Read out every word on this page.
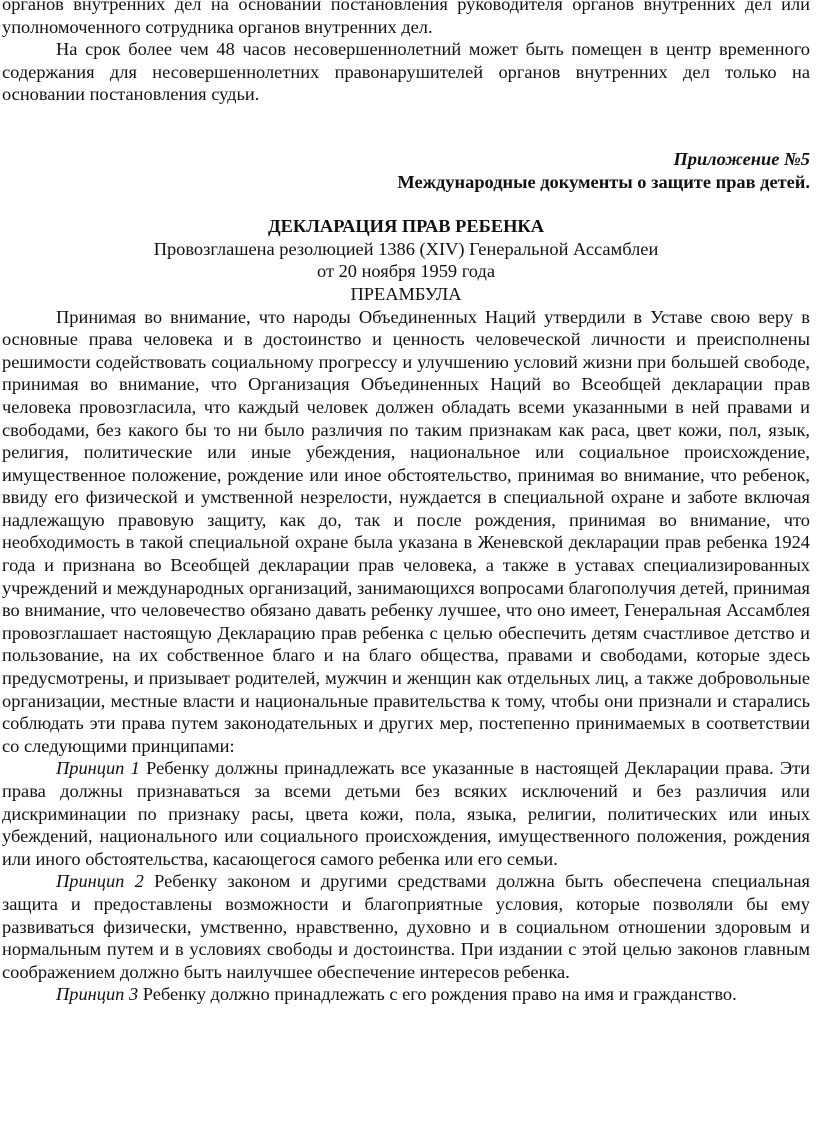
органов внутренних дел на основании постановления руководителя органов внутренних дел или уполномоченного сотрудника органов внутренних дел.

На срок более чем 48 часов несовершеннолетний может быть помещен в центр временного содержания для несовершеннолетних правонарушителей органов внутренних дел только на основании постановления судьи.

Приложение №5

Международные документы о защите прав детей.

ДЕКЛАРАЦИЯ ПРАВ РЕБЕНКА

Провозглашена резолюцией 1386 (XIV) Генеральной Ассамблеи

от 20 ноября 1959 года

ПРЕАМБУЛА

Принимая во внимание, что народы Объединенных Наций утвердили в Уставе свою веру в основные права человека и в достоинство и ценность человеческой личности и преисполнены решимости содействовать социальному прогрессу и улучшению условий жизни при большей свободе, принимая во внимание, что Организация Объединенных Наций во Всеобщей декларации прав человека провозгласила, что каждый человек должен обладать всеми указанными в ней правами и свободами, без какого бы то ни было различия по таким признакам как раса, цвет кожи, пол, язык, религия, политические или иные убеждения, национальное или социальное происхождение, имущественное положение, рождение или иное обстоятельство, принимая во внимание, что ребенок, ввиду его физической и умственной незрелости, нуждается в специальной охране и заботе включая надлежащую правовую защиту, как до, так и после рождения, принимая во внимание, что необходимость в такой специальной охране была указана в Женевской декларации прав ребенка 1924 года и признана во Всеобщей декларации прав человека, а также в уставах специализированных учреждений и международных организаций, занимающихся вопросами благополучия детей, принимая во внимание, что человечество обязано давать ребенку лучшее, что оно имеет, Генеральная Ассамблея провозглашает настоящую Декларацию прав ребенка с целью обеспечить детям счастливое детство и пользование, на их собственное благо и на благо общества, правами и свободами, которые здесь предусмотрены, и призывает родителей, мужчин и женщин как отдельных лиц, а также добровольные организации, местные власти и национальные правительства к тому, чтобы они признали и старались соблюдать эти права путем законодательных и других мер, постепенно принимаемых в соответствии со следующими принципами:

Принцип 1 Ребенку должны принадлежать все указанные в настоящей Декларации права. Эти права должны признаваться за всеми детьми без всяких исключений и без различия или дискриминации по признаку расы, цвета кожи, пола, языка, религии, политических или иных убеждений, национального или социального происхождения, имущественного положения, рождения или иного обстоятельства, касающегося самого ребенка или его семьи.

Принцип 2 Ребенку законом и другими средствами должна быть обеспечена специальная защита и предоставлены возможности и благоприятные условия, которые позволяли бы ему развиваться физически, умственно, нравственно, духовно и в социальном отношении здоровым и нормальным путем и в условиях свободы и достоинства. При издании с этой целью законов главным соображением должно быть наилучшее обеспечение интересов ребенка.

Принцип 3 Ребенку должно принадлежать с его рождения право на имя и гражданство.
